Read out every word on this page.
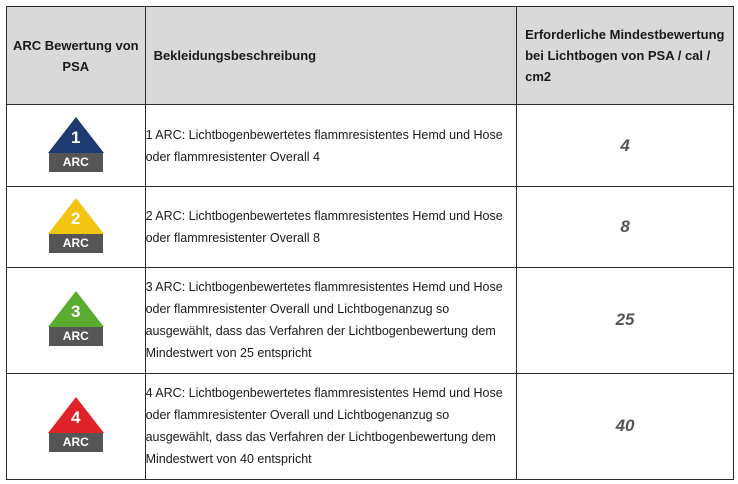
ARC Bewertung von PSA	Bekleidungsbeschreibung	Erforderliche Mindestbewertung bei Lichtbogen von PSA / cal / cm2

1
ARC	1 ARC: Lichtbogenbewertetes flammresistentes Hemd und Hose oder flammresistenter Overall 4	4

2
ARC	2 ARC: Lichtbogenbewertetes flammresistentes Hemd und Hose oder flammresistenter Overall 8	8

3
ARC	3 ARC: Lichtbogenbewertetes flammresistentes Hemd und Hose oder flammresistenter Overall und Lichtbogenanzug so ausgewählt, dass das Verfahren der Lichtbogenbewertung dem Mindestwert von 25 entspricht	25

4
ARC	4 ARC: Lichtbogenbewertetes flammresistentes Hemd und Hose oder flammresistenter Overall und Lichtbogenanzug so ausgewählt, dass das Verfahren der Lichtbogenbewertung dem Mindestwert von 40 entspricht	40
